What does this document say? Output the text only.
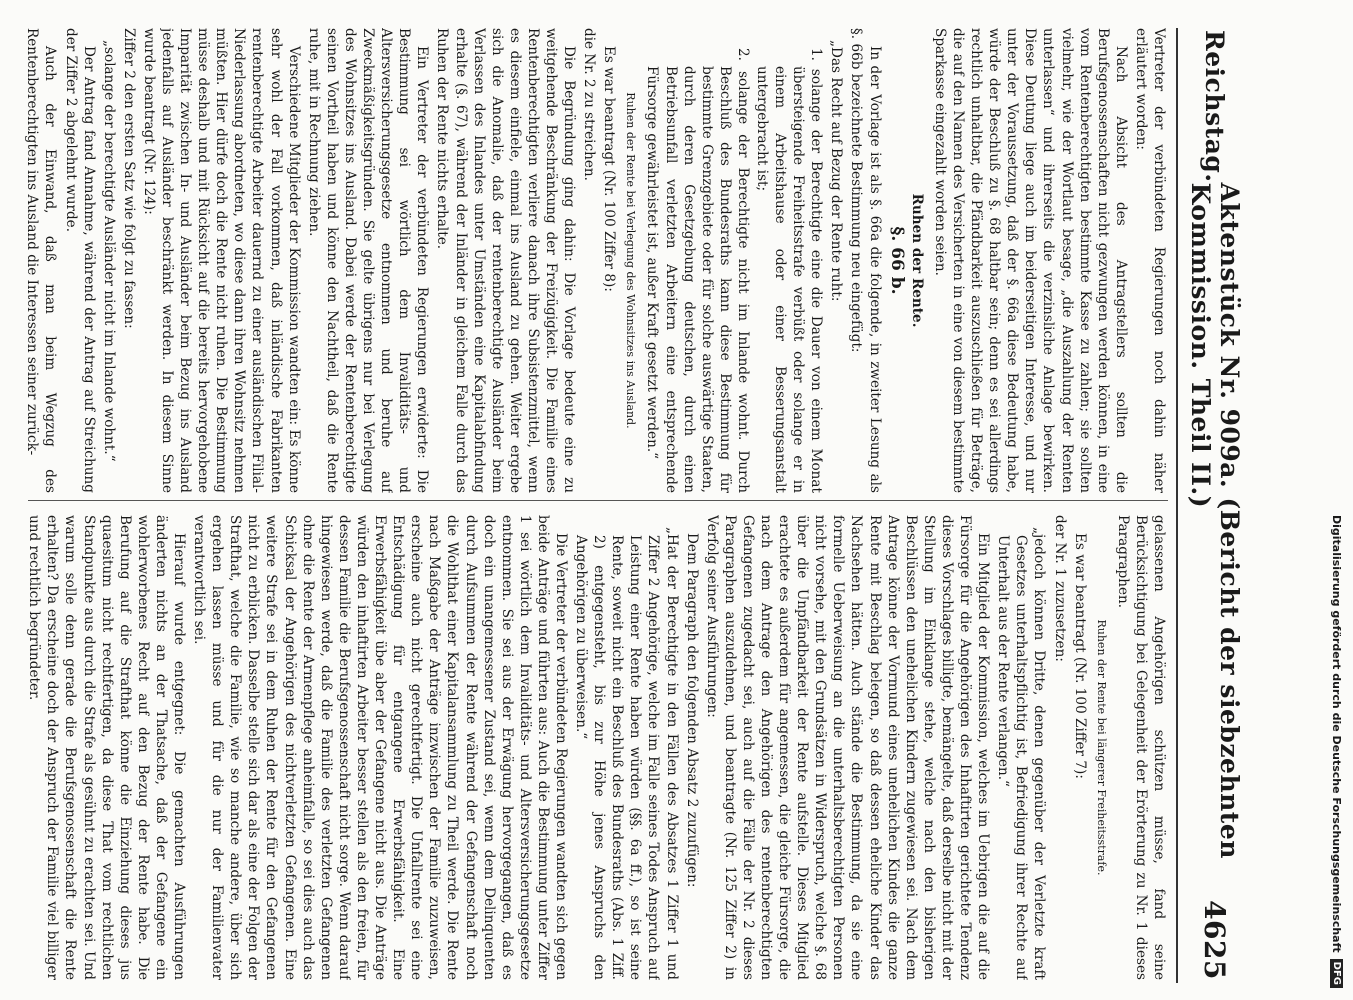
Reichstag.
Aktenstück Nr. 909a. (Bericht der siebzehnten Kommission. Theil II.)
4625

Vertreter der verbündeten Regierungen noch dahin näher erläutert worden:

Nach Absicht des Antragstellers sollten die Berufsgenossenschaften nicht gezwungen werden können, in eine vom Rentenberechtigten bestimmte Kasse zu zahlen; sie sollten vielmehr, wie der Wortlaut besage, „die Auszahlung der Renten unterlassen“ und ihrerseits die verzinsliche Anlage bewirken. Diese Deutung liege auch im beiderseitigen Interesse, und nur unter der Voraussetzung, daß der §. 66a diese Bedeutung habe, würde der Beschluß zu §. 68 haltbar sein; denn es sei allerdings rechtlich unhaltbar, die Pfändbarkeit auszuschließen für Beträge, die auf den Namen des Versicherten in eine von diesem bestimmte Sparkasse eingezahlt worden seien.

Ruhen der Rente.

§. 66 b.

In der Vorlage ist als §. 66a die folgende, in zweiter Lesung als §. 66b bezeichnete Bestimmung neu eingefügt:

„Das Recht auf Bezug der Rente ruht:

1. solange der Berechtigte eine die Dauer von einem Monat übersteigende Freiheitsstrafe verbüßt oder solange er in einem Arbeitshause oder einer Besserungsanstalt untergebracht ist;

2. solange der Berechtigte nicht im Inlande wohnt. Durch Beschluß des Bundesraths kann diese Bestimmung für bestimmte Grenzgebiete oder für solche auswärtige Staaten, durch deren Gesetzgebung deutschen, durch einen Betriebsunfall verletzten Arbeitern eine entsprechende Fürsorge gewährleistet ist, außer Kraft gesetzt werden.“

Ruhen der Rente bei Verlegung des Wohnsitzes ins Ausland.

Es war beantragt (Nr. 100 Ziffer 8):

die Nr. 2 zu streichen.

Die Begründung ging dahin: Die Vorlage bedeute eine zu weitgehende Beschränkung der Freizügigkeit. Die Familie eines Rentenberechtigten verliere danach ihre Subsistenzmittel, wenn es diesem einfiele, einmal ins Ausland zu gehen. Weiter ergebe sich die Anomalie, daß der rentenberechtigte Ausländer beim Verlassen des Inlandes unter Umständen eine Kapitalabfindung erhalte (§. 67), während der Inländer in gleichem Falle durch das Ruhen der Rente nichts erhalte.

Ein Vertreter der verbündeten Regierungen erwiderte: Die Bestimmung sei wörtlich dem Invaliditäts- und Altersversicherungsgesetze entnommen und beruhe auf Zweckmäßigkeitsgründen. Sie gelte übrigens nur bei Verlegung des Wohnsitzes ins Ausland. Dabei werde der Rentenberechtigte seinen Vortheil haben und könne den Nachtheil, daß die Rente ruhe, mit in Rechnung ziehen.

Verschiedene Mitglieder der Kommission wandten ein: Es könne sehr wohl der Fall vorkommen, daß inländische Fabrikanten rentenberechtigte Arbeiter dauernd zu einer ausländischen Filial-Niederlassung abordneten, wo diese dann ihren Wohnsitz nehmen müßten. Hier dürfe doch die Rente nicht ruhen. Die Bestimmung müsse deshalb und mit Rücksicht auf die bereits hervorgehobene Imparität zwischen In- und Ausländer beim Bezug ins Ausland jedenfalls auf Ausländer beschränkt werden. In diesem Sinne wurde beantragt (Nr. 124):

Ziffer 2 den ersten Satz wie folgt zu fassen:

„solange der berechtigte Ausländer nicht im Inlande wohnt.“

Der Antrag fand Annahme, während der Antrag auf Streichung der Ziffer 2 abgelehnt wurde.

Auch der Einwand, daß man beim Wegzug des Rentenberechtigten ins Ausland die Interessen seiner zurück-

gelassenen Angehörigen schützen müsse, fand seine Berücksichtigung bei Gelegenheit der Erörterung zu Nr. 1 dieses Paragraphen.

Ruhen der Rente bei längerer Freiheitsstrafe.

Es war beantragt (Nr. 100 Ziffer 7):

der Nr. 1 zuzusetzen:

„jedoch können Dritte, denen gegenüber der Verletzte kraft Gesetzes unterhaltspflichtig ist, Befriedigung ihrer Rechte auf Unterhalt aus der Rente verlangen.“

Ein Mitglied der Kommission, welches im Uebrigen die auf die Fürsorge für die Angehörigen des Inhaftirten gerichtete Tendenz dieses Vorschlages billigte, bemängelte, daß derselbe nicht mit der Stellung im Einklange stehe, welche nach den bisherigen Beschlüssen den unehelichen Kindern zugewiesen sei. Nach dem Antrage könne der Vormund eines unehelichen Kindes die ganze Rente mit Beschlag belegen, so daß dessen eheliche Kinder das Nachsehen hätten. Auch stände die Bestimmung, da sie eine formelle Ueberweisung an die unterhaltsberechtigten Personen nicht vorsehe, mit den Grundsätzen in Widerspruch, welche §. 68 über die Unpfändbarkeit der Rente aufstelle. Dieses Mitglied erachtete es außerdem für angemessen, die gleiche Fürsorge, die nach dem Antrage den Angehörigen des rentenberechtigten Gefangenen zugedacht sei, auch auf die Fälle der Nr. 2 dieses Paragraphen auszudehnen, und beantragte (Nr. 125 Ziffer 2) in Verfolg seiner Ausführungen:

Dem Paragraph den folgenden Absatz 2 zuzufügen:

„Hat der Berechtigte in den Fällen des Absatzes 1 Ziffer 1 und Ziffer 2 Angehörige, welche im Falle seines Todes Anspruch auf Leistung einer Rente haben würden (§§. 6a ff.), so ist seine Rente, soweit nicht ein Beschluß des Bundesraths (Abs. 1 Ziff. 2) entgegensteht, bis zur Höhe jenes Anspruchs den Angehörigen zu überweisen.“

Die Vertreter der verbündeten Regierungen wandten sich gegen beide Anträge und führten aus: Auch die Bestimmung unter Ziffer 1 sei wörtlich dem Invaliditäts- und Altersversicherungsgesetze entnommen. Sie sei aus der Erwägung hervorgegangen, daß es doch ein unangemessener Zustand sei, wenn dem Delinquenten durch Aufsummen der Rente während der Gefangenschaft noch die Wohlthat einer Kapitalansammlung zu Theil werde. Die Rente nach Maßgabe der Anträge inzwischen der Familie zuzuweisen, erscheine auch nicht gerechtfertigt. Die Unfallrente sei eine Entschädigung für entgangene Erwerbsfähigkeit. Eine Erwerbsfähigkeit übe aber der Gefangene nicht aus. Die Anträge würden den inhaftirten Arbeiter besser stellen als den freien, für dessen Familie die Berufsgenossenschaft nicht sorge. Wenn darauf hingewiesen werde, daß die Familie des verletzten Gefangenen ohne die Rente der Armenpflege anheimfalle, so sei dies auch das Schicksal der Angehörigen des nichtverletzten Gefangenen. Eine weitere Strafe sei in dem Ruhen der Rente für den Gefangenen nicht zu erblicken. Dasselbe stelle sich dar als eine der Folgen der Strafthat, welche die Familie, wie so manche andere, über sich ergehen lassen müsse und für die nur der Familienvater verantwortlich sei.

Hierauf wurde entgegnet: Die gemachten Ausführungen änderten nichts an der Thatsache, daß der Gefangene ein wohlerworbenes Recht auf den Bezug der Rente habe. Die Berufung auf die Strafthat könne die Einziehung dieses jus quaesitum nicht rechtfertigen, da diese That vom rechtlichen Standpunkte aus durch die Strafe als gesühnt zu erachten sei. Und warum solle denn gerade die Berufsgenossenschaft die Rente erhalten? Da erscheine doch der Anspruch der Familie viel billiger und rechtlich begründeter.	Digitalisierung gefördert durch die Deutsche Forschungsgemeinschaft
DFG
